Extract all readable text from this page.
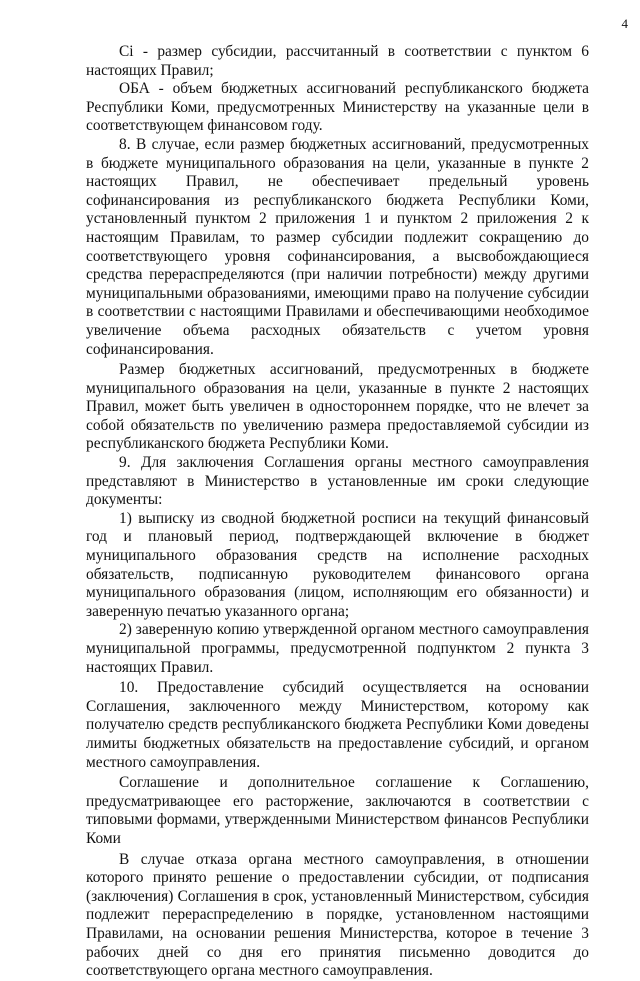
4

Ci - размер субсидии, рассчитанный в соответствии с пунктом 6 настоящих Правил;

ОБА - объем бюджетных ассигнований республиканского бюджета Республики Коми, предусмотренных Министерству на указанные цели в соответствующем финансовом году.

8. В случае, если размер бюджетных ассигнований, предусмотренных в бюджете муниципального образования на цели, указанные в пункте 2 настоящих Правил, не обеспечивает предельный уровень софинансирования из республиканского бюджета Республики Коми, установленный пунктом 2 приложения 1 и пунктом 2 приложения 2 к настоящим Правилам, то размер субсидии подлежит сокращению до соответствующего уровня софинансирования, а высвобождающиеся средства перераспределяются (при наличии потребности) между другими муниципальными образованиями, имеющими право на получение субсидии в соответствии с настоящими Правилами и обеспечивающими необходимое увеличение объема расходных обязательств с учетом уровня софинансирования.

Размер бюджетных ассигнований, предусмотренных в бюджете муниципального образования на цели, указанные в пункте 2 настоящих Правил, может быть увеличен в одностороннем порядке, что не влечет за собой обязательств по увеличению размера предоставляемой субсидии из республиканского бюджета Республики Коми.

9. Для заключения Соглашения органы местного самоуправления представляют в Министерство в установленные им сроки следующие документы:

1) выписку из сводной бюджетной росписи на текущий финансовый год и плановый период, подтверждающей включение в бюджет муниципального образования средств на исполнение расходных обязательств, подписанную руководителем финансового органа муниципального образования (лицом, исполняющим его обязанности) и заверенную печатью указанного органа;

2) заверенную копию утвержденной органом местного самоуправления муниципальной программы, предусмотренной подпунктом 2 пункта 3 настоящих Правил.

10. Предоставление субсидий осуществляется на основании Соглашения, заключенного между Министерством, которому как получателю средств республиканского бюджета Республики Коми доведены лимиты бюджетных обязательств на предоставление субсидий, и органом местного самоуправления.

Соглашение и дополнительное соглашение к Соглашению, предусматривающее его расторжение, заключаются в соответствии с типовыми формами, утвержденными Министерством финансов Республики Коми

В случае отказа органа местного самоуправления, в отношении которого принято решение о предоставлении субсидии, от подписания (заключения) Соглашения в срок, установленный Министерством, субсидия подлежит перераспределению в порядке, установленном настоящими Правилами, на основании решения Министерства, которое в течение 3 рабочих дней со дня его принятия письменно доводится до соответствующего органа местного самоуправления.
